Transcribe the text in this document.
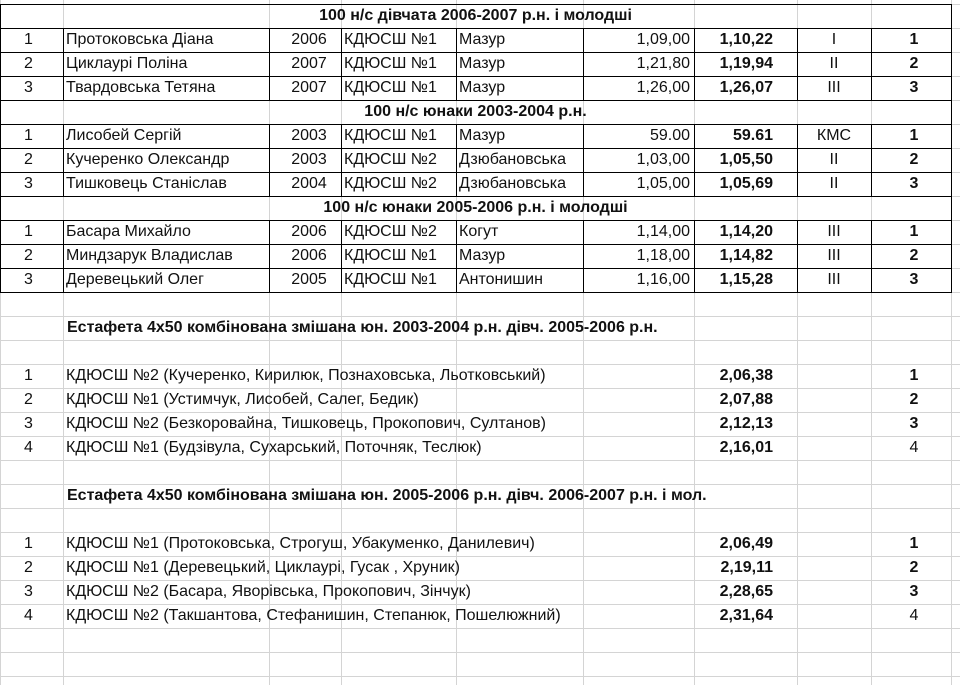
100 н/с дівчата 2006-2007 р.н. і молодші
1	Протоковська Діана	2006	КДЮСШ №1	Мазур	1,09,00	1,10,22	І	1
2	Циклаурі Поліна	2007	КДЮСШ №1	Мазур	1,21,80	1,19,94	ІІ	2
3	Твардовська Тетяна	2007	КДЮСШ №1	Мазур	1,26,00	1,26,07	ІІІ	3
100 н/с юнаки 2003-2004 р.н.
1	Лисобей Сергій	2003	КДЮСШ №1	Мазур	59.00	59.61	КМС	1
2	Кучеренко Олександр	2003	КДЮСШ №2	Дзюбановська	1,03,00	1,05,50	ІІ	2
3	Тишковець Станіслав	2004	КДЮСШ №2	Дзюбановська	1,05,00	1,05,69	ІІ	3
100 н/с юнаки 2005-2006 р.н. і молодші
1	Басара Михайло	2006	КДЮСШ №2	Когут	1,14,00	1,14,20	ІІІ	1
2	Миндзарук Владислав	2006	КДЮСШ №1	Мазур	1,18,00	1,14,82	ІІІ	2
3	Деревецький Олег	2005	КДЮСШ №1	Антонишин	1,16,00	1,15,28	ІІІ	3
Естафета 4х50 комбінована змішана юн. 2003-2004 р.н. дівч. 2005-2006 р.н.
1	КДЮСШ №2 (Кучеренко, Кирилюк, Познаховська, Льотковський)	2,06,38	1
2	КДЮСШ №1 (Устимчук, Лисобей, Салег, Бедик)	2,07,88	2
3	КДЮСШ №2 (Безкоровайна, Тишковець, Прокопович, Султанов)	2,12,13	3
4	КДЮСШ №1 (Будзівула, Сухарський, Поточняк, Теслюк)	2,16,01	4
Естафета 4х50 комбінована змішана юн. 2005-2006 р.н. дівч. 2006-2007 р.н. і мол.
1	КДЮСШ №1 (Протоковська, Строгуш, Убакуменко, Данилевич)	2,06,49	1
2	КДЮСШ №1 (Деревецький, Циклаурі, Гусак , Хруник)	2,19,11	2
3	КДЮСШ №2 (Басара, Яворівська, Прокопович, Зінчук)	2,28,65	3
4	КДЮСШ №2 (Такшантова, Стефанишин, Степанюк, Пошелюжний)	2,31,64	4
